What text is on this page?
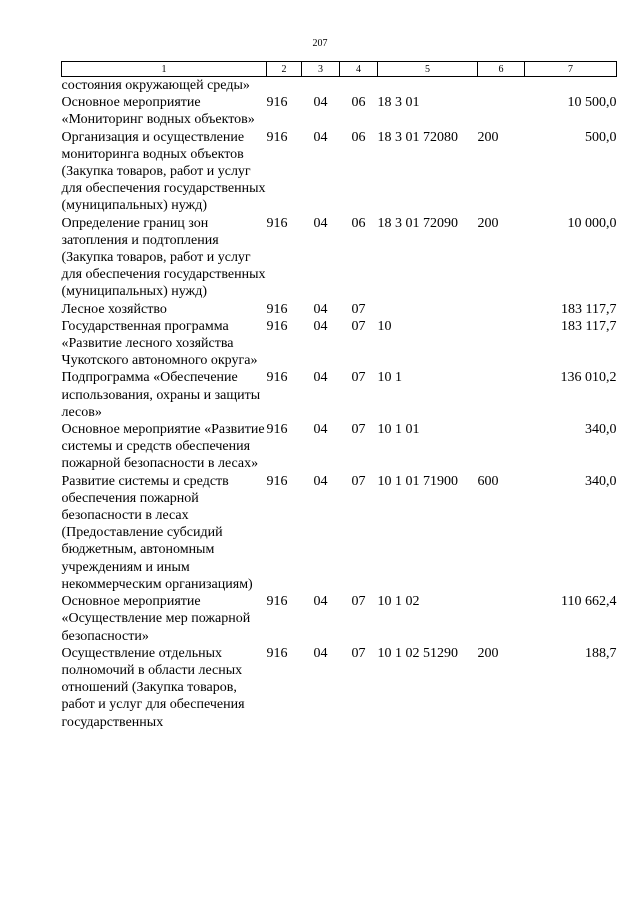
207
1	2	3	4	5	6	7
состояния окружающей среды»						
Основное мероприятие «Мониторинг водных объектов»	916	04	06	18 3 01		10 500,0
Организация и осуществление мониторинга водных объектов (Закупка товаров, работ и услуг для обеспечения государственных (муниципальных) нужд)	916	04	06	18 3 01 72080	200	500,0
Определение границ зон затопления и подтопления (Закупка товаров, работ и услуг для обеспечения государственных (муниципальных) нужд)	916	04	06	18 3 01 72090	200	10 000,0
Лесное хозяйство	916	04	07			183 117,7
Государственная программа «Развитие лесного хозяйства Чукотского автономного округа»	916	04	07	10		183 117,7
Подпрограмма «Обеспечение использования, охраны и защиты лесов»	916	04	07	10 1		136 010,2
Основное мероприятие «Развитие системы и средств обеспечения пожарной безопасности в лесах»	916	04	07	10 1 01		340,0
Развитие системы и средств обеспечения пожарной безопасности в лесах (Предоставление субсидий бюджетным, автономным учреждениям и иным некоммерческим организациям)	916	04	07	10 1 01 71900	600	340,0
Основное мероприятие «Осуществление мер пожарной безопасности»	916	04	07	10 1 02		110 662,4
Осуществление отдельных полномочий в области лесных отношений (Закупка товаров, работ и услуг для обеспечения государственных	916	04	07	10 1 02 51290	200	188,7
